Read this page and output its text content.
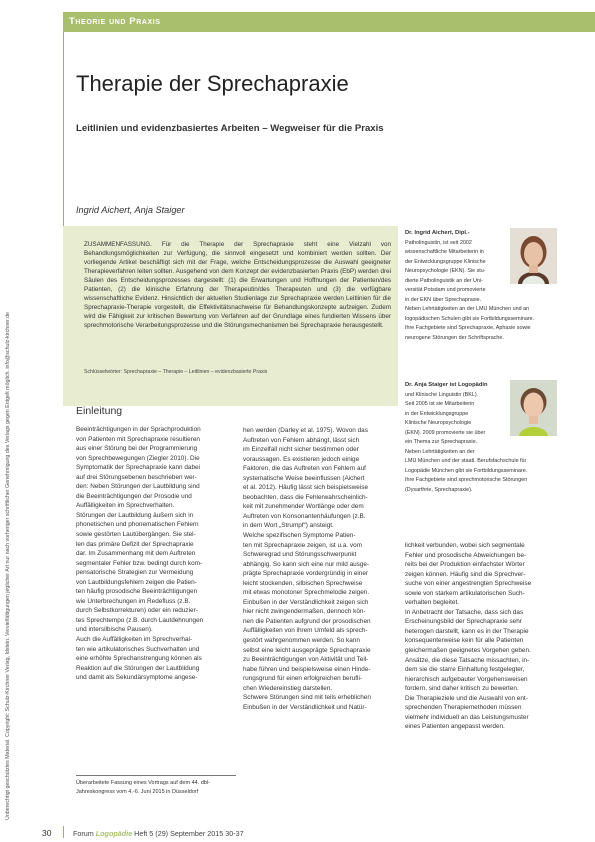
Unberechtigt geschütztes Material. Copyright: Schulz-Kirchner Verlag, Idstein. Vervielfältigungen jeglicher Art nur nach vorheriger schriftlicher Genehmigung des Verlags gegen Entgelt möglich. info@schulz-kirchner.de
Theorie und Praxis
Therapie der Sprechapraxie

Leitlinien und evidenzbasiertes Arbeiten – Wegweiser für die Praxis

Ingrid Aichert, Anja Staiger

ZUSAMMENFASSUNG. Für die Therapie der Sprechapraxie steht eine Vielzahl von Behandlungsmöglichkeiten zur Verfügung, die sinnvoll eingesetzt und kombiniert werden sollten. Der vorliegende Artikel beschäftigt sich mit der Frage, welche Entscheidungsprozesse die Auswahl geeigneter Therapieverfahren leiten sollten. Ausgehend von dem Konzept der evidenzbasierten Praxis (EbP) werden drei Säulen des Entscheidungsprozesses dargestellt: (1) die Erwartungen und Hoffnungen der Patienten/des Patienten, (2) die klinische Erfahrung der Therapeutin/des Therapeuten und (3) die verfügbare wissenschaftliche Evidenz. Hinsichtlich der aktuellen Studienlage zur Sprechapraxie werden Leitlinien für die Sprechapraxie-Therapie vorgestellt, die Effektivitätsnachweise für Behandlungskonzepte aufzeigen. Zudem wird die Fähigkeit zur kritischen Bewertung von Verfahren auf der Grundlage eines fundierten Wissens über sprechmotorische Verarbeitungsprozesse und die Störungsmechanismen bei Sprechapraxie herausgestellt.

Schlüsselwörter: Sprechapraxie – Therapie – Leitlinien – evidenzbasierte Praxis

Dr. Ingrid Aichert, Dipl.-
Patholinguistin, ist seit 2002
wissenschaftliche Mitarbeiterin in
der Entwicklungsgruppe Klinische
Neuropsychologie (EKN). Sie stu-
dierte Patholinguistik an der Uni-
versität Potsdam und promovierte
in der EKN über Sprechapraxie.
Neben Lehrtätigkeiten an der LMU München und an
logopädischen Schulen gibt sie Fortbildungsseminare.
Ihre Fachgebiete sind Sprechapraxie, Aphasie sowie
neurogene Störungen der Schriftsprache.

Dr. Anja Staiger ist Logopädin
und Klinische Linguistin (BKL).
Seit 2005 ist sie Mitarbeiterin
in der Entwicklungsgruppe
Klinische Neuropsychologie
(EKN). 2009 promovierte sie über
ein Thema zur Sprechapraxie.
Neben Lehrtätigkeiten an der
LMU München und der staatl. Berufsfachschule für
Logopädie München gibt sie Fortbildungsseminare.
Ihre Fachgebiete sind sprechmotorische Störungen
(Dysarthrie, Sprechapraxie).

Einleitung
Beeinträchtigungen in der Sprachproduktion
von Patienten mit Sprechapraxie resultieren
aus einer Störung bei der Programmierung
von Sprechbewegungen (Ziegler 2010). Die
Symptomatik der Sprechapraxie kann dabei
auf drei Störungsebenen beschrieben wer-
den: Neben Störungen der Lautbildung sind
die Beeinträchtigungen der Prosodie und
Auffälligkeiten im Sprechverhalten.
Störungen der Lautbildung äußern sich in
phonetischen und phonematischen Fehlern
sowie gestörten Lautübergängen. Sie stel-
len das primäre Defizit der Sprechapraxie
dar. Im Zusammenhang mit dem Auftreten
segmentaler Fehler bzw. bedingt durch kom-
pensatorische Strategien zur Vermeidung
von Lautbildungsfehlern zeigen die Patien-
ten häufig prosodische Beeinträchtigungen
wie Unterbrechungen im Redefluss (z.B.
durch Selbstkorrekturen) oder ein reduzier-
tes Sprechtempo (z.B. durch Lautdehnungen
und intersilbische Pausen).
Auch die Auffälligkeiten im Sprechverhal-
ten wie artikulatorisches Suchverhalten und
eine erhöhte Sprechanstrengung können als
Reaktion auf die Störungen der Lautbildung
und damit als Sekundärsymptome angese-
hen werden (Darley et al. 1975). Wovon das
Auftreten von Fehlern abhängt, lässt sich
im Einzelfall nicht sicher bestimmen oder
voraussagen. Es existieren jedoch einige
Faktoren, die das Auftreten von Fehlern auf
systematische Weise beeinflussen (Aichert
et al. 2012). Häufig lässt sich beispielsweise
beobachten, dass die Fehlerwahrscheinlich-
keit mit zunehmender Wortlänge oder dem
Auftreten von Konsonantenhäufungen (z.B.
in dem Wort „Strumpf“) ansteigt.
Welche spezifischen Symptome Patien-
ten mit Sprechapraxie zeigen, ist u.a. vom
Schweregrad und Störungsschwerpunkt
abhängig. So kann sich eine nur mild ausge-
prägte Sprechapraxie vordergründig in einer
leicht stockenden, silbischen Sprechweise
mit etwas monotoner Sprechmelodie zeigen.
Einbußen in der Verständlichkeit zeigen sich
hier nicht zwingendermaßen, dennoch kön-
nen die Patienten aufgrund der prosodischen
Auffälligkeiten von ihrem Umfeld als sprech-
gestört wahrgenommen werden. So kann
selbst eine leicht ausgeprägte Sprechapraxie
zu Beeinträchtigungen von Aktivität und Teil-
habe führen und beispielsweise einen Hinde-
rungsgrund für einen erfolgreichen berufli-
chen Wiedereinstieg darstellen.
Schwere Störungen sind mit teils erheblichen
Einbußen in der Verständlichkeit und Natür-
lichkeit verbunden, wobei sich segmentale
Fehler und prosodische Abweichungen be-
reits bei der Produktion einfachster Wörter
zeigen können. Häufig sind die Sprechver-
suche von einer angestrengten Sprechweise
sowie von starkem artikulatorischen Such-
verhalten begleitet.
In Anbetracht der Tatsache, dass sich das
Erscheinungsbild der Sprechapraxie sehr
heterogen darstellt, kann es in der Therapie
konsequenterweise kein für alle Patienten
gleichermaßen geeignetes Vorgehen geben.
Ansätze, die diese Tatsache missachten, in-
dem sie die starre Einhaltung festgelegter,
hierarchisch aufgebauter Vorgehensweisen
fordern, sind daher kritisch zu bewerten.
Die Therapieziele und die Auswahl von ent-
sprechenden Therapiemethoden müssen
vielmehr individuell an das Leistungsmuster
eines Patienten angepasst werden.

Überarbeitete Fassung eines Vortrags auf dem 44. dbl-Jahreskongress vom 4.-6. Juni 2015 in Düsseldorf

30	Forum Logopädie Heft 5 (29) September 2015 30-37
